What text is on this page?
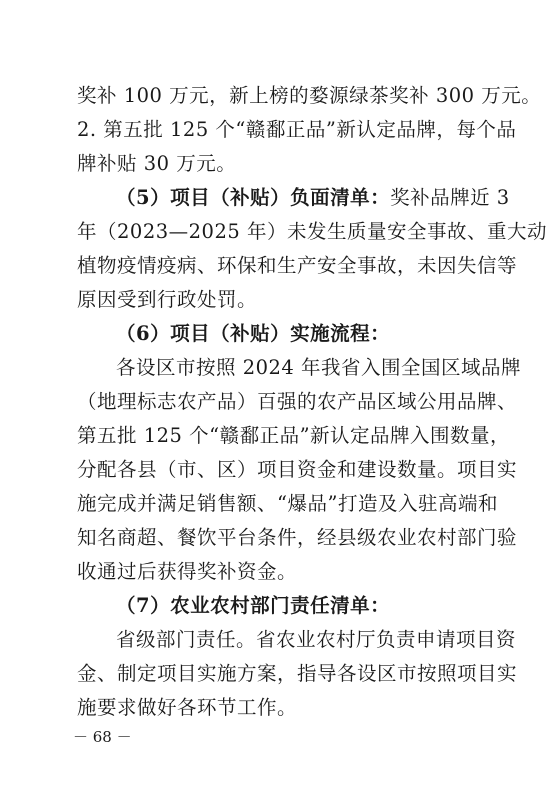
奖补 100 万元，新上榜的婺源绿茶奖补 300 万元。
2. 第五批 125 个“赣鄱正品”新认定品牌，每个品
牌补贴 30 万元。
（5）项目（补贴）负面清单：奖补品牌近 3
年（2023—2025 年）未发生质量安全事故、重大动
植物疫情疫病、环保和生产安全事故，未因失信等
原因受到行政处罚。
（6）项目（补贴）实施流程：
各设区市按照 2024 年我省入围全国区域品牌
（地理标志农产品）百强的农产品区域公用品牌、
第五批 125 个“赣鄱正品”新认定品牌入围数量，
分配各县（市、区）项目资金和建设数量。项目实
施完成并满足销售额、“爆品”打造及入驻高端和
知名商超、餐饮平台条件，经县级农业农村部门验
收通过后获得奖补资金。
（7）农业农村部门责任清单：
省级部门责任。省农业农村厅负责申请项目资
金、制定项目实施方案，指导各设区市按照项目实
施要求做好各环节工作。
－ 68 －
